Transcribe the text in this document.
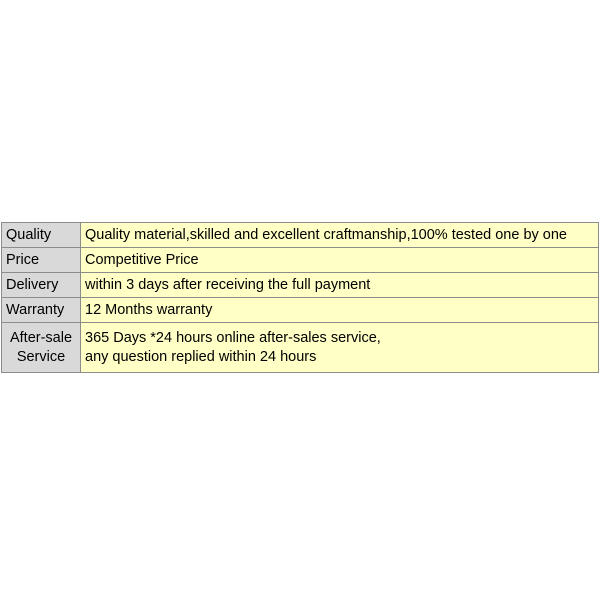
Quality	Quality material,skilled and excellent craftmanship,100% tested one by one
Price	Competitive Price
Delivery	within 3 days after receiving the full payment
Warranty	12 Months warranty

After-sale
Service	365 Days *24 hours online after-sales service,
any question replied within 24 hours
